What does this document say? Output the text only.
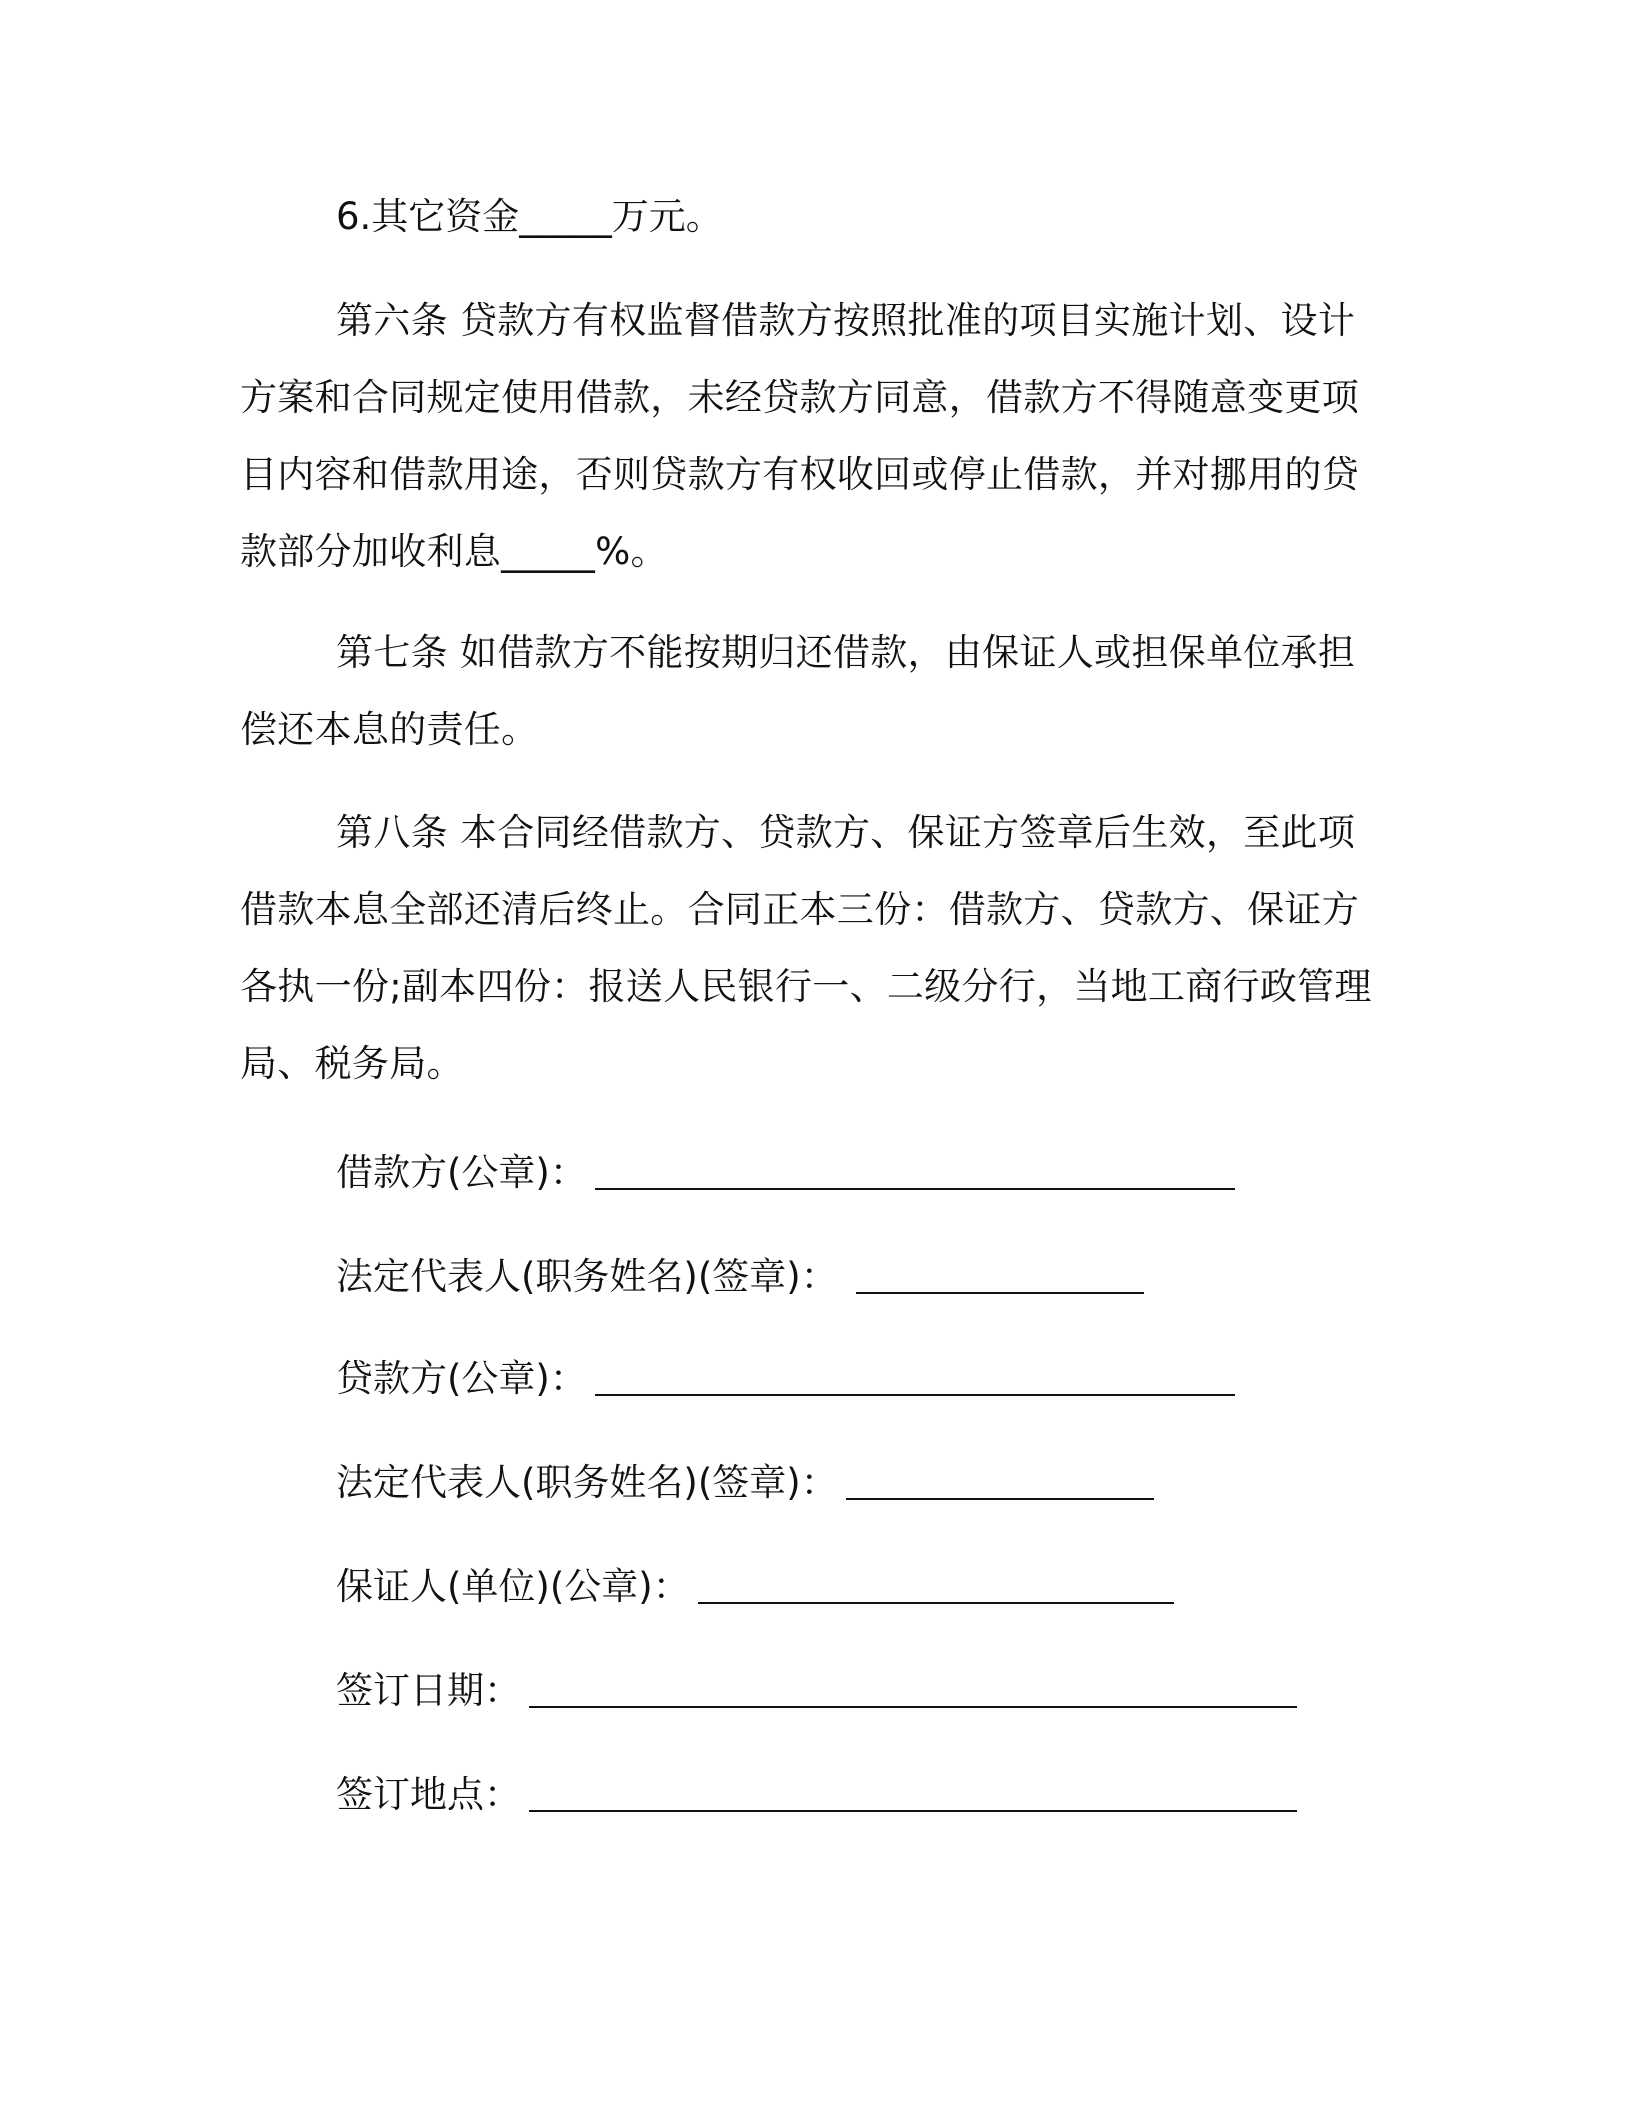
6.其它资金_____万元。

第六条 贷款方有权监督借款方按照批准的项目实施计划、设计方案和合同规定使用借款，未经贷款方同意，借款方不得随意变更项目内容和借款用途，否则贷款方有权收回或停止借款，并对挪用的贷款部分加收利息_____%。

第七条 如借款方不能按期归还借款，由保证人或担保单位承担偿还本息的责任。

第八条 本合同经借款方、贷款方、保证方签章后生效，至此项借款本息全部还清后终止。合同正本三份：借款方、贷款方、保证方各执一份;副本四份：报送人民银行一、二级分行，当地工商行政管理局、税务局。

借款方(公章)：
法定代表人(职务姓名)(签章)：
贷款方(公章)：
法定代表人(职务姓名)(签章)：
保证人(单位)(公章)：
签订日期：
签订地点：
